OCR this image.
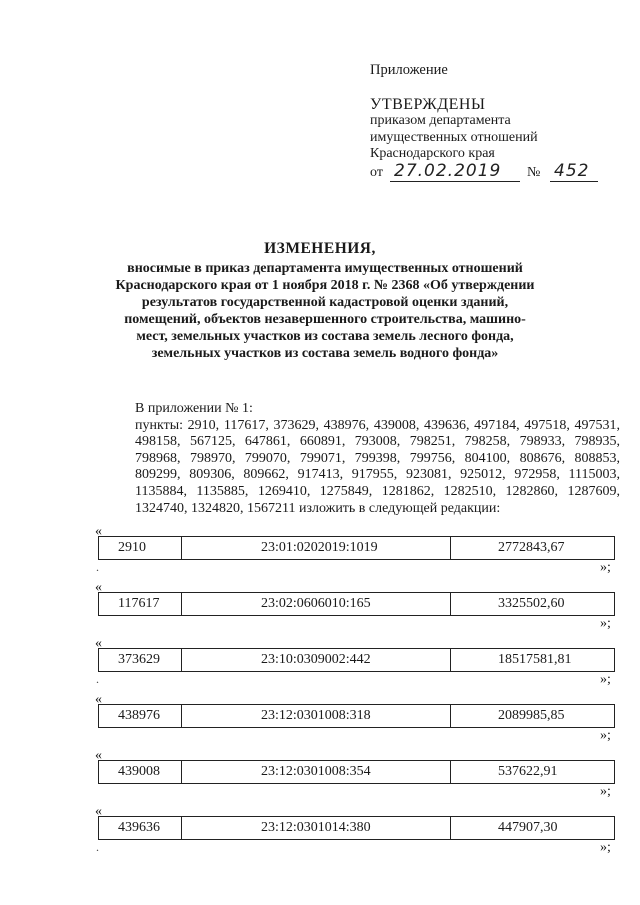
Приложение
УТВЕРЖДЕНЫ
приказом департамента
имущественных отношений
Краснодарского края
от 27.02.2019 № 452
ИЗМЕНЕНИЯ,
вносимые в приказ департамента имущественных отношений Краснодарского края от 1 ноября 2018 г. № 2368 «Об утверждении результатов государственной кадастровой оценки зданий, помещений, объектов незавершенного строительства, машино-мест, земельных участков из состава земель лесного фонда, земельных участков из состава земель водного фонда»
В приложении № 1:
пункты: 2910, 117617, 373629, 438976, 439008, 439636, 497184, 497518, 497531, 498158, 567125, 647861, 660891, 793008, 798251, 798258, 798933, 798935, 798968, 798970, 799070, 799071, 799398, 799756, 804100, 808676, 808853, 809299, 809306, 809662, 917413, 917955, 923081, 925012, 972958, 1115003, 1135884, 1135885, 1269410, 1275849, 1281862, 1282510, 1282860, 1287609, 1324740, 1324820, 1567211 изложить в следующей редакции:
«
2910	23:01:0202019:1019	2772843,67
.	»;
«
117617	23:02:0606010:165	3325502,60
»;
«
373629	23:10:0309002:442	18517581,81
.	»;
«
438976	23:12:0301008:318	2089985,85
»;
«
439008	23:12:0301008:354	537622,91
»;
«
439636	23:12:0301014:380	447907,30
.	»;
